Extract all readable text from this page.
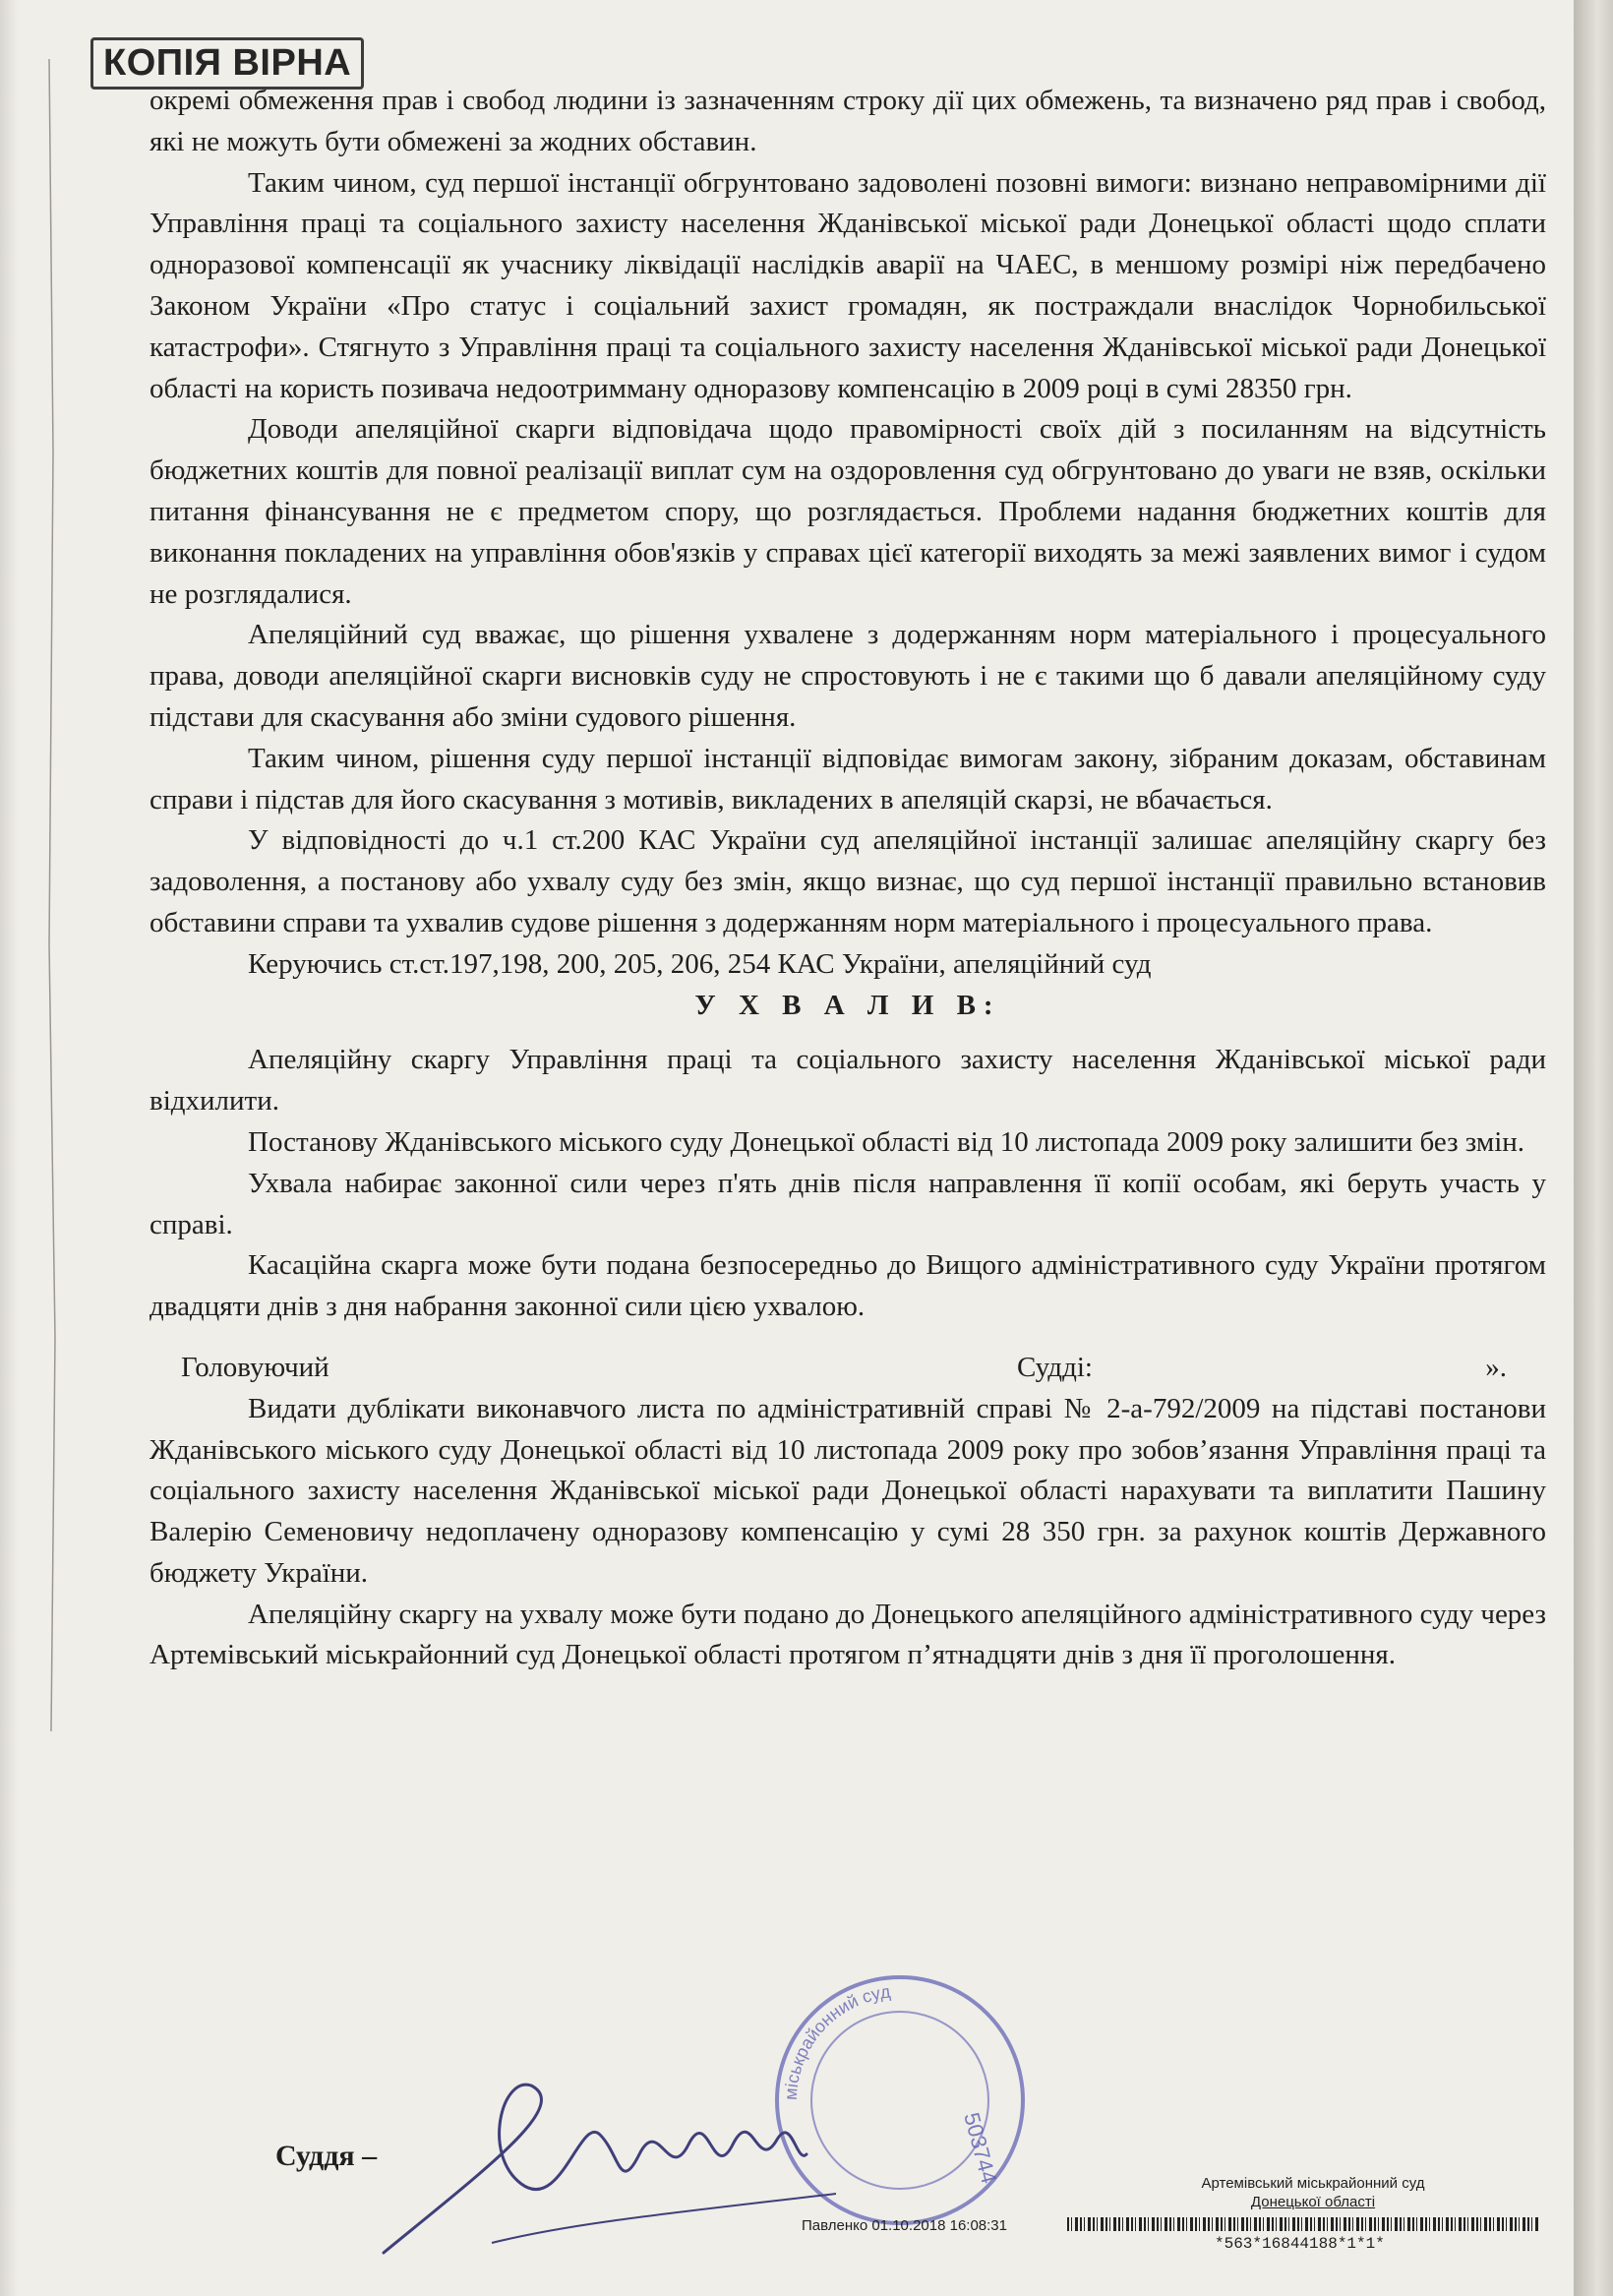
КОПІЯ ВІРНА

окремі обмеження прав і свобод людини із зазначенням строку дії цих обмежень, та визначено ряд прав і свобод, які не можуть бути обмежені за жодних обставин.

Таким чином, суд першої інстанції обгрунтовано задоволені позовні вимоги: визнано неправомірними дії Управління праці та соціального захисту населення Жданівської міської ради Донецької області щодо сплати одноразової компенсації як учаснику ліквідації наслідків аварії на ЧАЕС, в меншому розмірі ніж передбачено Законом України «Про статус і соціальний захист громадян, як постраждали внаслідок Чорнобильської катастрофи». Стягнуто з Управління праці та соціального захисту населення Жданівської міської ради Донецької області на користь позивача недоотримману одноразову компенсацію в 2009 році в сумі 28350 грн.

Доводи апеляційної скарги відповідача щодо правомірності своїх дій з посиланням на відсутність бюджетних коштів для повної реалізації виплат сум на оздоровлення суд обгрунтовано до уваги не взяв, оскільки питання фінансування не є предметом спору, що розглядається. Проблеми надання бюджетних коштів для виконання покладених на управління обов'язків у справах цієї категорії виходять за межі заявлених вимог і судом не розглядалися.

Апеляційний суд вважає, що рішення ухвалене з додержанням норм матеріального і процесуального права, доводи апеляційної скарги висновків суду не спростовують і не є такими що б давали апеляційному суду підстави для скасування або зміни судового рішення.

Таким чином, рішення суду першої інстанції відповідає вимогам закону, зібраним доказам, обставинам справи і підстав для його скасування з мотивів, викладених в апеляцій скарзі, не вбачається.

У відповідності до ч.1 ст.200 КАС України суд апеляційної інстанції залишає апеляційну скаргу без задоволення, а постанову або ухвалу суду без змін, якщо визнає, що суд першої інстанції правильно встановив обставини справи та ухвалив судове рішення з додержанням норм матеріального і процесуального права.

Керуючись ст.ст.197,198, 200, 205, 206, 254 КАС України, апеляційний суд

У Х В А Л И В:

Апеляційну скаргу Управління праці та соціального захисту населення Жданівської міської ради відхилити.

Постанову Жданівського міського суду Донецької області від 10 листопада 2009 року залишити без змін.

Ухвала набирає законної сили через п'ять днів після направлення її копії особам, які беруть участь у справі.

Касаційна скарга може бути подана безпосередньо до Вищого адміністративного суду України протягом двадцяти днів з дня набрання законної сили цією ухвалою.

Головуючий	Судді:	».

Видати дублікати виконавчого листа по адміністративній справі № 2-а-792/2009 на підставі постанови Жданівського міського суду Донецької області від 10 листопада 2009 року про зобов’язання Управління праці та соціального захисту населення Жданівської міської ради Донецької області нарахувати та виплатити Пашину Валерію Семеновичу недоплачену одноразову компенсацію у сумі 28 350 грн. за рахунок коштів Державного бюджету України.

Апеляційну скаргу на ухвалу може бути подано до Донецького апеляційного адміністративного суду через Артемівський міськрайонний суд Донецької області протягом п’ятнадцяти днів з дня її проголошення.

міськрайонний суд
503744
Суддя –
Артемівський міськрайонний суд
Донецької області
Павленко 01.10.2018 16:08:31
*563*16844188*1*1*
